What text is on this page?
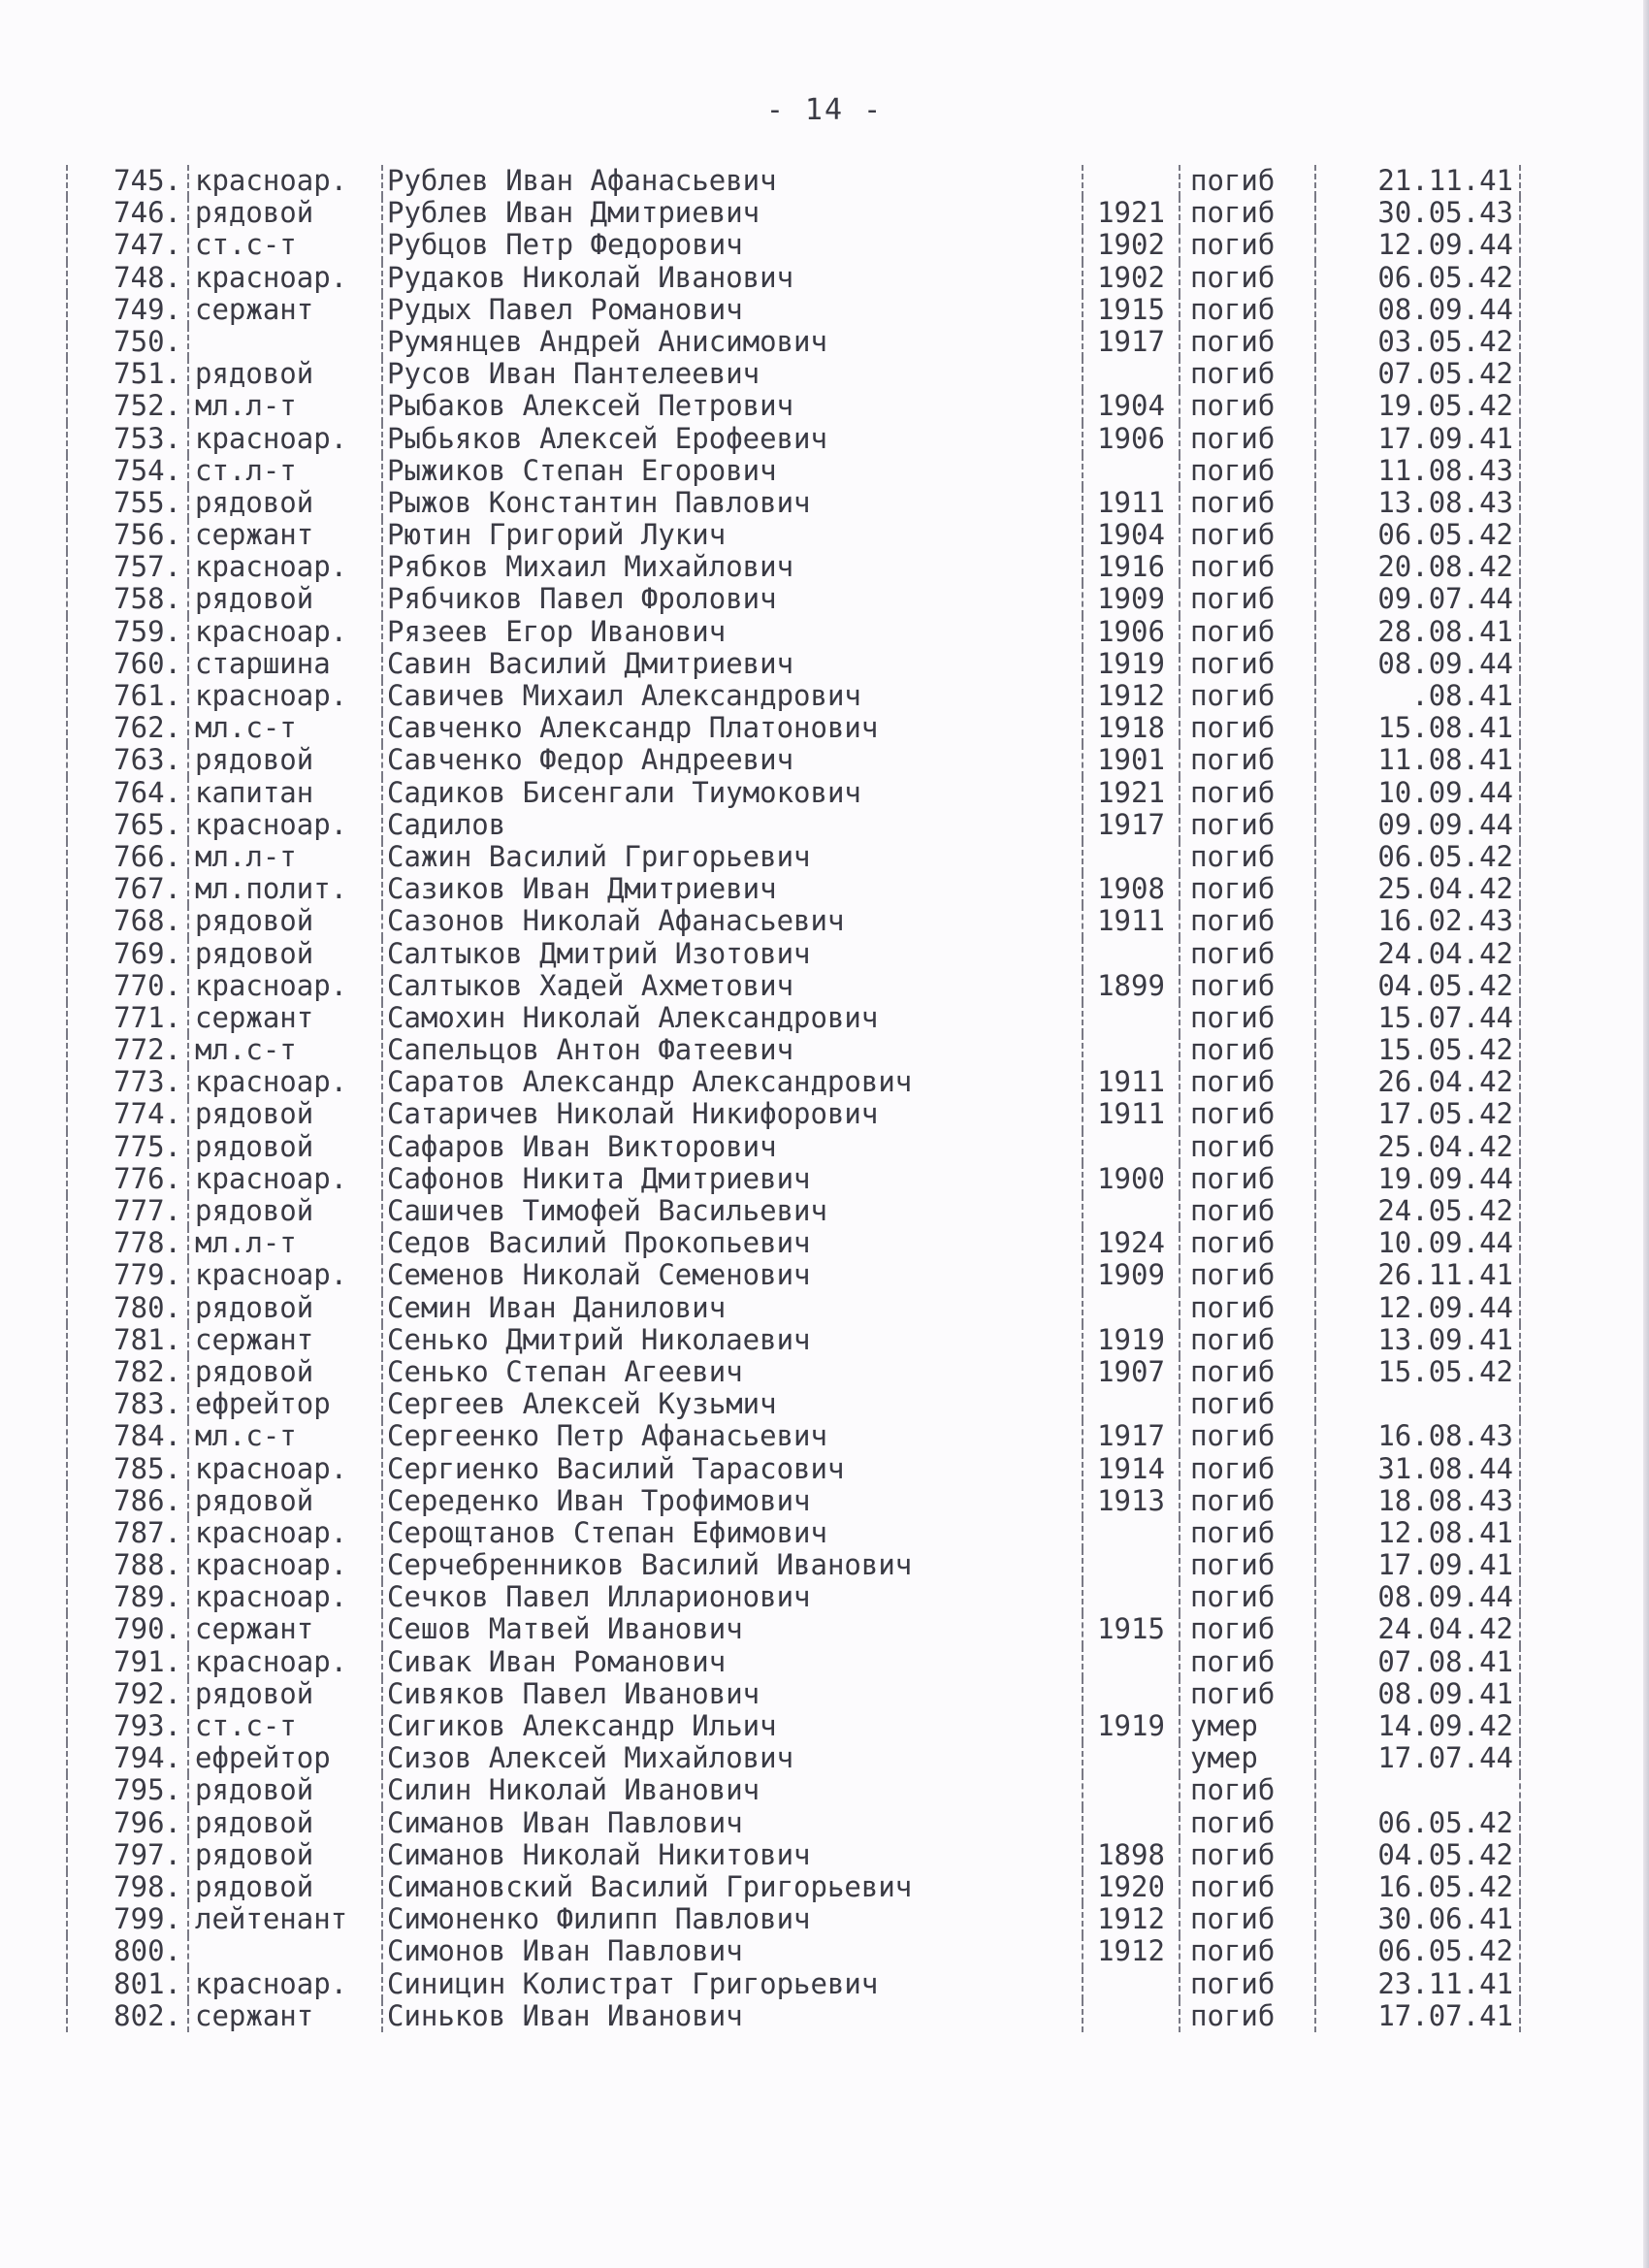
- 14 -
745. красноар.	Рублев Иван Афанасьевич	погиб	21.11.41
746. рядовой	Рублев Иван Дмитриевич	1921 погиб	30.05.43
747. ст.с-т	Рубцов Петр Федорович	1902 погиб	12.09.44
748. красноар.	Рудаков Николай Иванович	1902 погиб	06.05.42
749. сержант	Рудых Павел Романович	1915 погиб	08.09.44
750.	Румянцев Андрей Анисимович	1917 погиб	03.05.42
751. рядовой	Русов Иван Пантелеевич	погиб	07.05.42
752. мл.л-т	Рыбаков Алексей Петрович	1904 погиб	19.05.42
753. красноар.	Рыбьяков Алексей Ерофеевич	1906 погиб	17.09.41
754. ст.л-т	Рыжиков Степан Егорович	погиб	11.08.43
755. рядовой	Рыжов Константин Павлович	1911 погиб	13.08.43
756. сержант	Рютин Григорий Лукич	1904 погиб	06.05.42
757. красноар.	Рябков Михаил Михайлович	1916 погиб	20.08.42
758. рядовой	Рябчиков Павел Фролович	1909 погиб	09.07.44
759. красноар.	Рязеев Егор Иванович	1906 погиб	28.08.41
760. старшина	Савин Василий Дмитриевич	1919 погиб	08.09.44
761. красноар.	Савичев Михаил Александрович	1912 погиб	.08.41
762. мл.с-т	Савченко Александр Платонович	1918 погиб	15.08.41
763. рядовой	Савченко Федор Андреевич	1901 погиб	11.08.41
764. капитан	Садиков Бисенгали Тиумокович	1921 погиб	10.09.44
765. красноар.	Садилов	1917 погиб	09.09.44
766. мл.л-т	Сажин Василий Григорьевич	погиб	06.05.42
767. мл.полит.	Сазиков Иван Дмитриевич	1908 погиб	25.04.42
768. рядовой	Сазонов Николай Афанасьевич	1911 погиб	16.02.43
769. рядовой	Салтыков Дмитрий Изотович	погиб	24.04.42
770. красноар.	Салтыков Хадей Ахметович	1899 погиб	04.05.42
771. сержант	Самохин Николай Александрович	погиб	15.07.44
772. мл.с-т	Сапельцов Антон Фатеевич	погиб	15.05.42
773. красноар.	Саратов Александр Александрович	1911 погиб	26.04.42
774. рядовой	Сатаричев Николай Никифорович	1911 погиб	17.05.42
775. рядовой	Сафаров Иван Викторович	погиб	25.04.42
776. красноар.	Сафонов Никита Дмитриевич	1900 погиб	19.09.44
777. рядовой	Сашичев Тимофей Васильевич	погиб	24.05.42
778. мл.л-т	Седов Василий Прокопьевич	1924 погиб	10.09.44
779. красноар.	Семенов Николай Семенович	1909 погиб	26.11.41
780. рядовой	Семин Иван Данилович	погиб	12.09.44
781. сержант	Сенько Дмитрий Николаевич	1919 погиб	13.09.41
782. рядовой	Сенько Степан Агеевич	1907 погиб	15.05.42
783. ефрейтор	Сергеев Алексей Кузьмич	погиб
784. мл.с-т	Сергеенко Петр Афанасьевич	1917 погиб	16.08.43
785. красноар.	Сергиенко Василий Тарасович	1914 погиб	31.08.44
786. рядовой	Середенко Иван Трофимович	1913 погиб	18.08.43
787. красноар.	Серощтанов Степан Ефимович	погиб	12.08.41
788. красноар.	Серчебренников Василий Иванович	погиб	17.09.41
789. красноар.	Сечков Павел Илларионович	погиб	08.09.44
790. сержант	Сешов Матвей Иванович	1915 погиб	24.04.42
791. красноар.	Сивак Иван Романович	погиб	07.08.41
792. рядовой	Сивяков Павел Иванович	погиб	08.09.41
793. ст.с-т	Сигиков Александр Ильич	1919 умер	14.09.42
794. ефрейтор	Сизов Алексей Михайлович	умер	17.07.44
795. рядовой	Силин Николай Иванович	погиб
796. рядовой	Симанов Иван Павлович	погиб	06.05.42
797. рядовой	Симанов Николай Никитович	1898 погиб	04.05.42
798. рядовой	Симановский Василий Григорьевич	1920 погиб	16.05.42
799. лейтенант	Симоненко Филипп Павлович	1912 погиб	30.06.41
800.	Симонов Иван Павлович	1912 погиб	06.05.42
801. красноар.	Синицин Колистрат Григорьевич	погиб	23.11.41
802. сержант	Синьков Иван Иванович	погиб	17.07.41
